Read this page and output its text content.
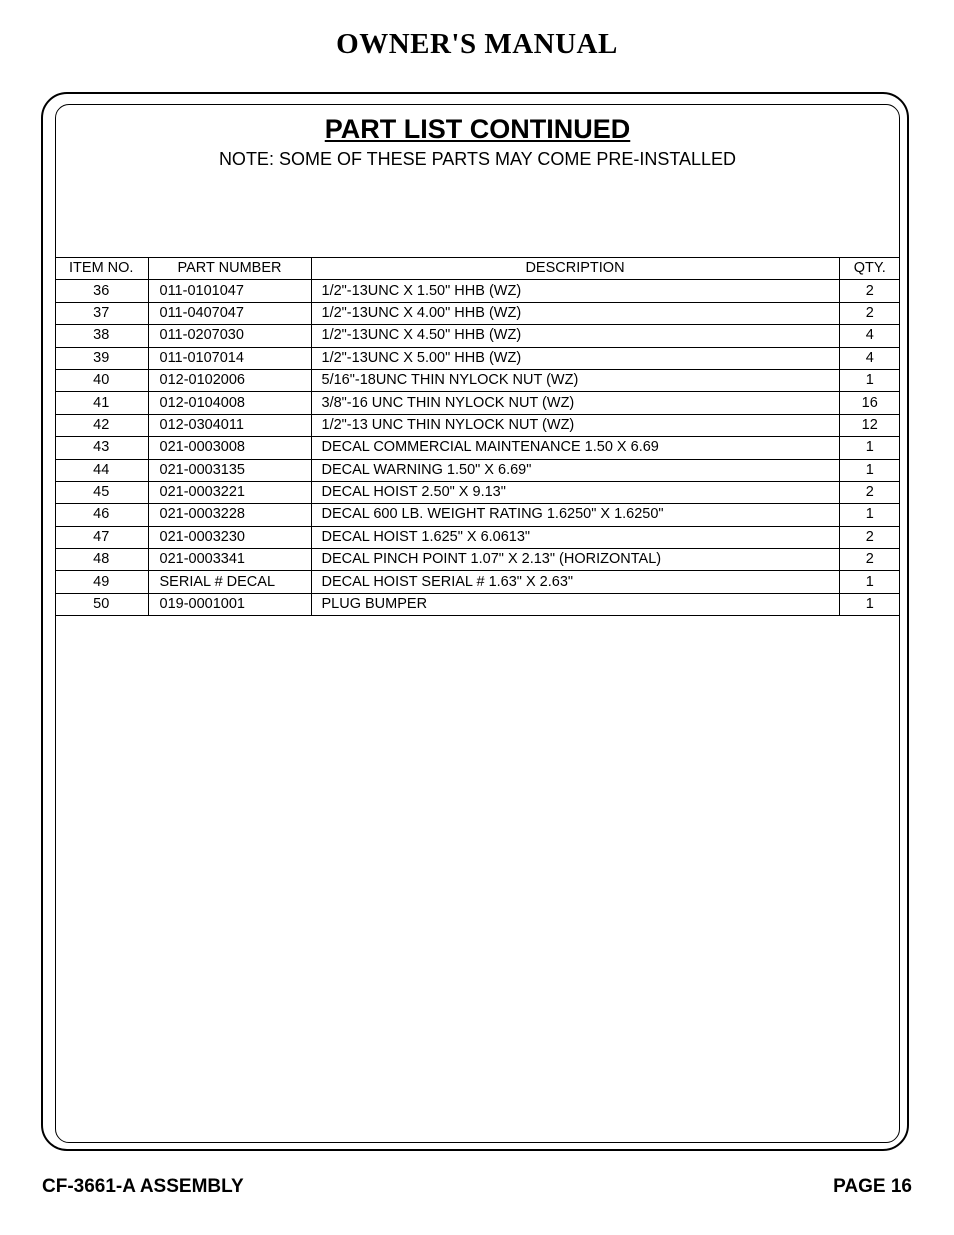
OWNER'S MANUAL
PART LIST CONTINUED
NOTE: SOME OF THESE PARTS MAY COME PRE-INSTALLED
ITEM NO.	PART NUMBER	DESCRIPTION	QTY.
36	011-0101047	1/2"-13UNC X 1.50" HHB (WZ)	2
37	011-0407047	1/2"-13UNC X 4.00" HHB (WZ)	2
38	011-0207030	1/2"-13UNC X 4.50" HHB (WZ)	4
39	011-0107014	1/2"-13UNC X 5.00" HHB (WZ)	4
40	012-0102006	5/16"-18UNC THIN NYLOCK NUT (WZ)	1
41	012-0104008	3/8"-16 UNC THIN NYLOCK NUT (WZ)	16
42	012-0304011	1/2"-13 UNC THIN NYLOCK NUT (WZ)	12
43	021-0003008	DECAL COMMERCIAL MAINTENANCE 1.50 X 6.69	1
44	021-0003135	DECAL WARNING 1.50" X 6.69"	1
45	021-0003221	DECAL HOIST 2.50" X 9.13"	2
46	021-0003228	DECAL 600 LB. WEIGHT RATING 1.6250" X 1.6250"	1
47	021-0003230	DECAL HOIST 1.625" X 6.0613"	2
48	021-0003341	DECAL PINCH POINT 1.07" X 2.13" (HORIZONTAL)	2
49	SERIAL # DECAL	DECAL HOIST SERIAL # 1.63" X 2.63"	1
50	019-0001001	PLUG BUMPER	1
CF-3661-A ASSEMBLY	PAGE 16
